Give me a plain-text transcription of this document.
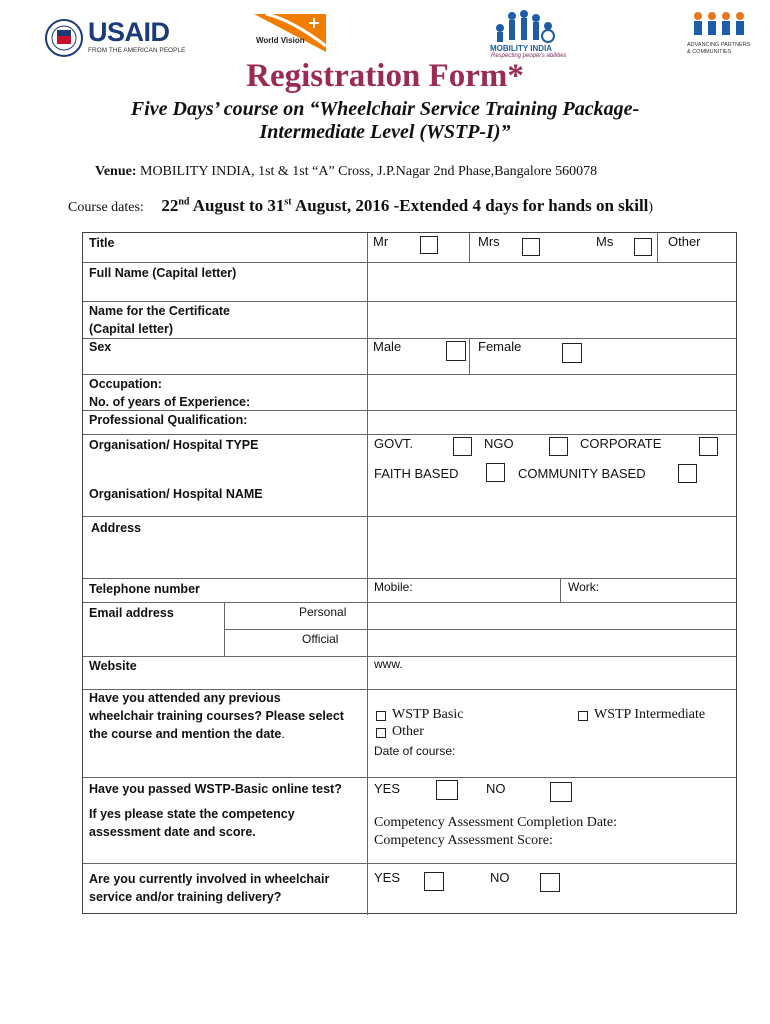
USAID
FROM THE AMERICAN PEOPLE
World Vision
MOBILITY INDIA
Respecting people's abilities
ADVANCING PARTNERS
& COMMUNITIES
Registration Form*
Five Days’ course on “Wheelchair Service Training Package-
Intermediate Level (WSTP-I)”
Venue: MOBILITY INDIA, 1st & 1st “A” Cross, J.P.Nagar 2nd Phase,Bangalore 560078
Course dates: 22nd August to 31st August, 2016 -Extended 4 days for hands on skill)
Title	Mr	Mrs	Ms	Other
Full Name (Capital letter)
Name for the Certificate
(Capital letter)
Sex	Male	Female
Occupation:
No. of years of Experience:
Professional Qualification:
Organisation/ Hospital TYPE	GOVT.	NGO	CORPORATE
FAITH BASED	COMMUNITY BASED
Organisation/ Hospital NAME
Address
Telephone number	Mobile:	Work:
Email address	Personal
Official
Website	www.
Have you attended any previous
wheelchair training courses? Please select
the course and mention the date.
WSTP Basic	WSTP Intermediate
Other
Date of course:
Have you passed WSTP-Basic online test? YES	NO
If yes please state the competency
assessment date and score.
Competency Assessment Completion Date:
Competency Assessment Score:
Are you currently involved in wheelchair
service and/or training delivery?
YES	NO
